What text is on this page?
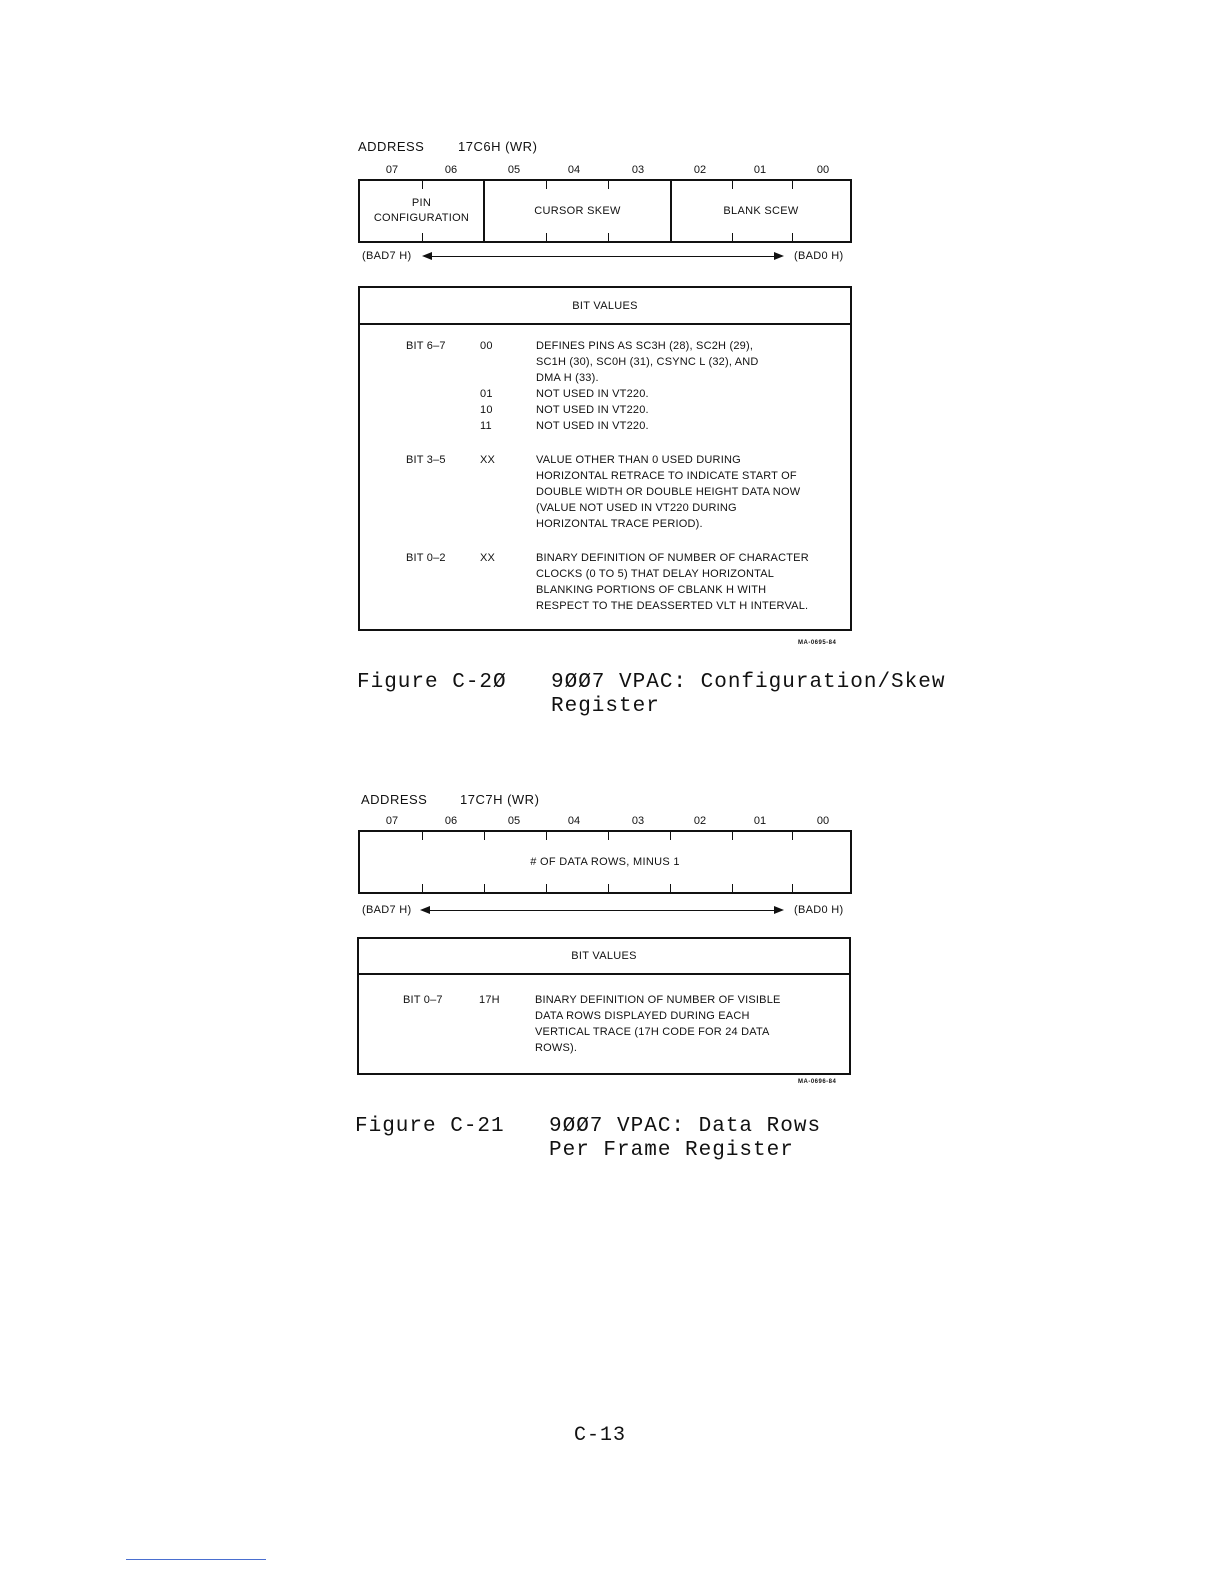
ADDRESS	17C6H (WR)
07	06	05	04	03	02	01	00
PIN
CONFIGURATION
CURSOR SKEW	BLANK SCEW
(BAD7 H)	(BAD0 H)
BIT VALUES
BIT 6–7	00	DEFINES PINS AS SC3H (28), SC2H (29),
SC1H (30), SC0H (31), CSYNC L (32), AND
DMA H (33).
01	NOT USED IN VT220.
10	NOT USED IN VT220.
11	NOT USED IN VT220.
BIT 3–5	XX	VALUE OTHER THAN 0 USED DURING
HORIZONTAL RETRACE TO INDICATE START OF
DOUBLE WIDTH OR DOUBLE HEIGHT DATA NOW
(VALUE NOT USED IN VT220 DURING
HORIZONTAL TRACE PERIOD).
BIT 0–2	XX	BINARY DEFINITION OF NUMBER OF CHARACTER
CLOCKS (0 TO 5) THAT DELAY HORIZONTAL
BLANKING PORTIONS OF CBLANK H WITH
RESPECT TO THE DEASSERTED VLT H INTERVAL.
MA-0695-84
Figure C-2Ø 9ØØ7 VPAC: Configuration/Skew
Register
ADDRESS	17C7H (WR)
07	06	05	04	03	02	01	00
# OF DATA ROWS, MINUS 1
(BAD7 H)	(BAD0 H)
BIT VALUES
BIT 0–7	17H	BINARY DEFINITION OF NUMBER OF VISIBLE
DATA ROWS DISPLAYED DURING EACH
VERTICAL TRACE (17H CODE FOR 24 DATA
ROWS).
MA-0696-84
Figure C-21 9ØØ7 VPAC: Data Rows
Per Frame Register
C-13
